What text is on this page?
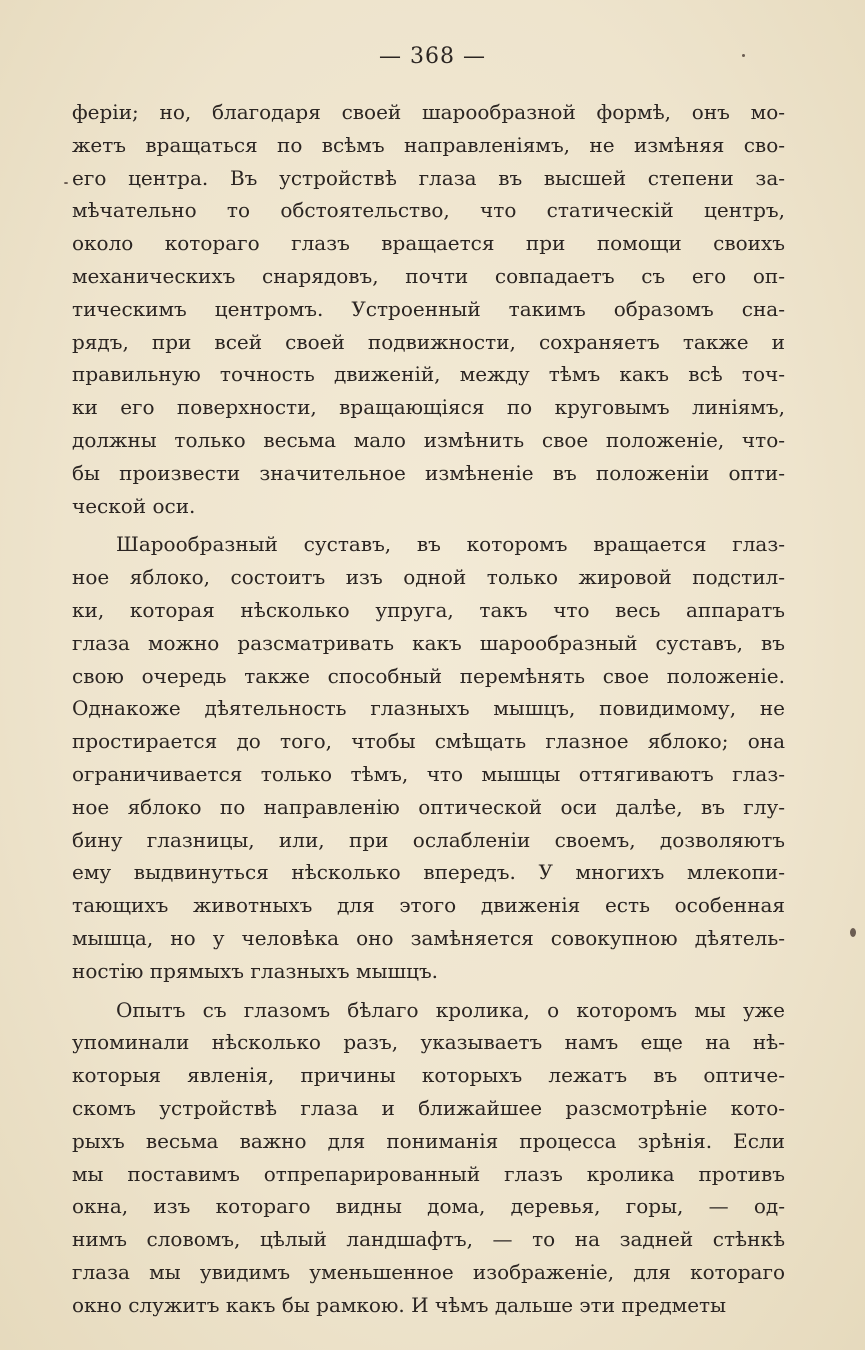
— 368 —
феріи; но, благодаря своей шарообразной формѣ, онъ мо-
жетъ вращаться по всѣмъ направленіямъ, не измѣняя сво-
его центра. Въ устройствѣ глаза въ высшей степени за-
мѣчательно то обстоятельство, что статическій центръ,
около котораго глазъ вращается при помощи своихъ
механическихъ снарядовъ, почти совпадаетъ съ его оп-
тическимъ центромъ. Устроенный такимъ образомъ сна-
рядъ, при всей своей подвижности, сохраняетъ также и
правильную точность движеній, между тѣмъ какъ всѣ точ-
ки его поверхности, вращающіяся по круговымъ линіямъ,
должны только весьма мало измѣнить свое положеніе, что-
бы произвести значительное измѣненіе въ положеніи опти-
ческой оси.
Шарообразный суставъ, въ которомъ вращается глаз-
ное яблоко, состоитъ изъ одной только жировой подстил-
ки, которая нѣсколько упруга, такъ что весь аппаратъ
глаза можно разсматривать какъ шарообразный суставъ, въ
свою очередь также способный перемѣнять свое положеніе.
Однакоже дѣятельность глазныхъ мышцъ, повидимому, не
простирается до того, чтобы смѣщать глазное яблоко; она
ограничивается только тѣмъ, что мышцы оттягиваютъ глаз-
ное яблоко по направленію оптической оси далѣе, въ глу-
бину глазницы, или, при ослабленіи своемъ, дозволяютъ
ему выдвинуться нѣсколько впередъ. У многихъ млекопи-
тающихъ животныхъ для этого движенія есть особенная
мышца, но у человѣка оно замѣняется совокупною дѣятель-
ностію прямыхъ глазныхъ мышцъ.
Опытъ съ глазомъ бѣлаго кролика, о которомъ мы уже
упоминали нѣсколько разъ, указываетъ намъ еще на нѣ-
которыя явленія, причины которыхъ лежатъ въ оптиче-
скомъ устройствѣ глаза и ближайшее разсмотрѣніе кото-
рыхъ весьма важно для пониманія процесса зрѣнія. Если
мы поставимъ отпрепарированный глазъ кролика противъ
окна, изъ котораго видны дома, деревья, горы, — од-
нимъ словомъ, цѣлый ландшафтъ, — то на задней стѣнкѣ
глаза мы увидимъ уменьшенное изображеніе, для котораго
окно служитъ какъ бы рамкою. И чѣмъ дальше эти предметы
